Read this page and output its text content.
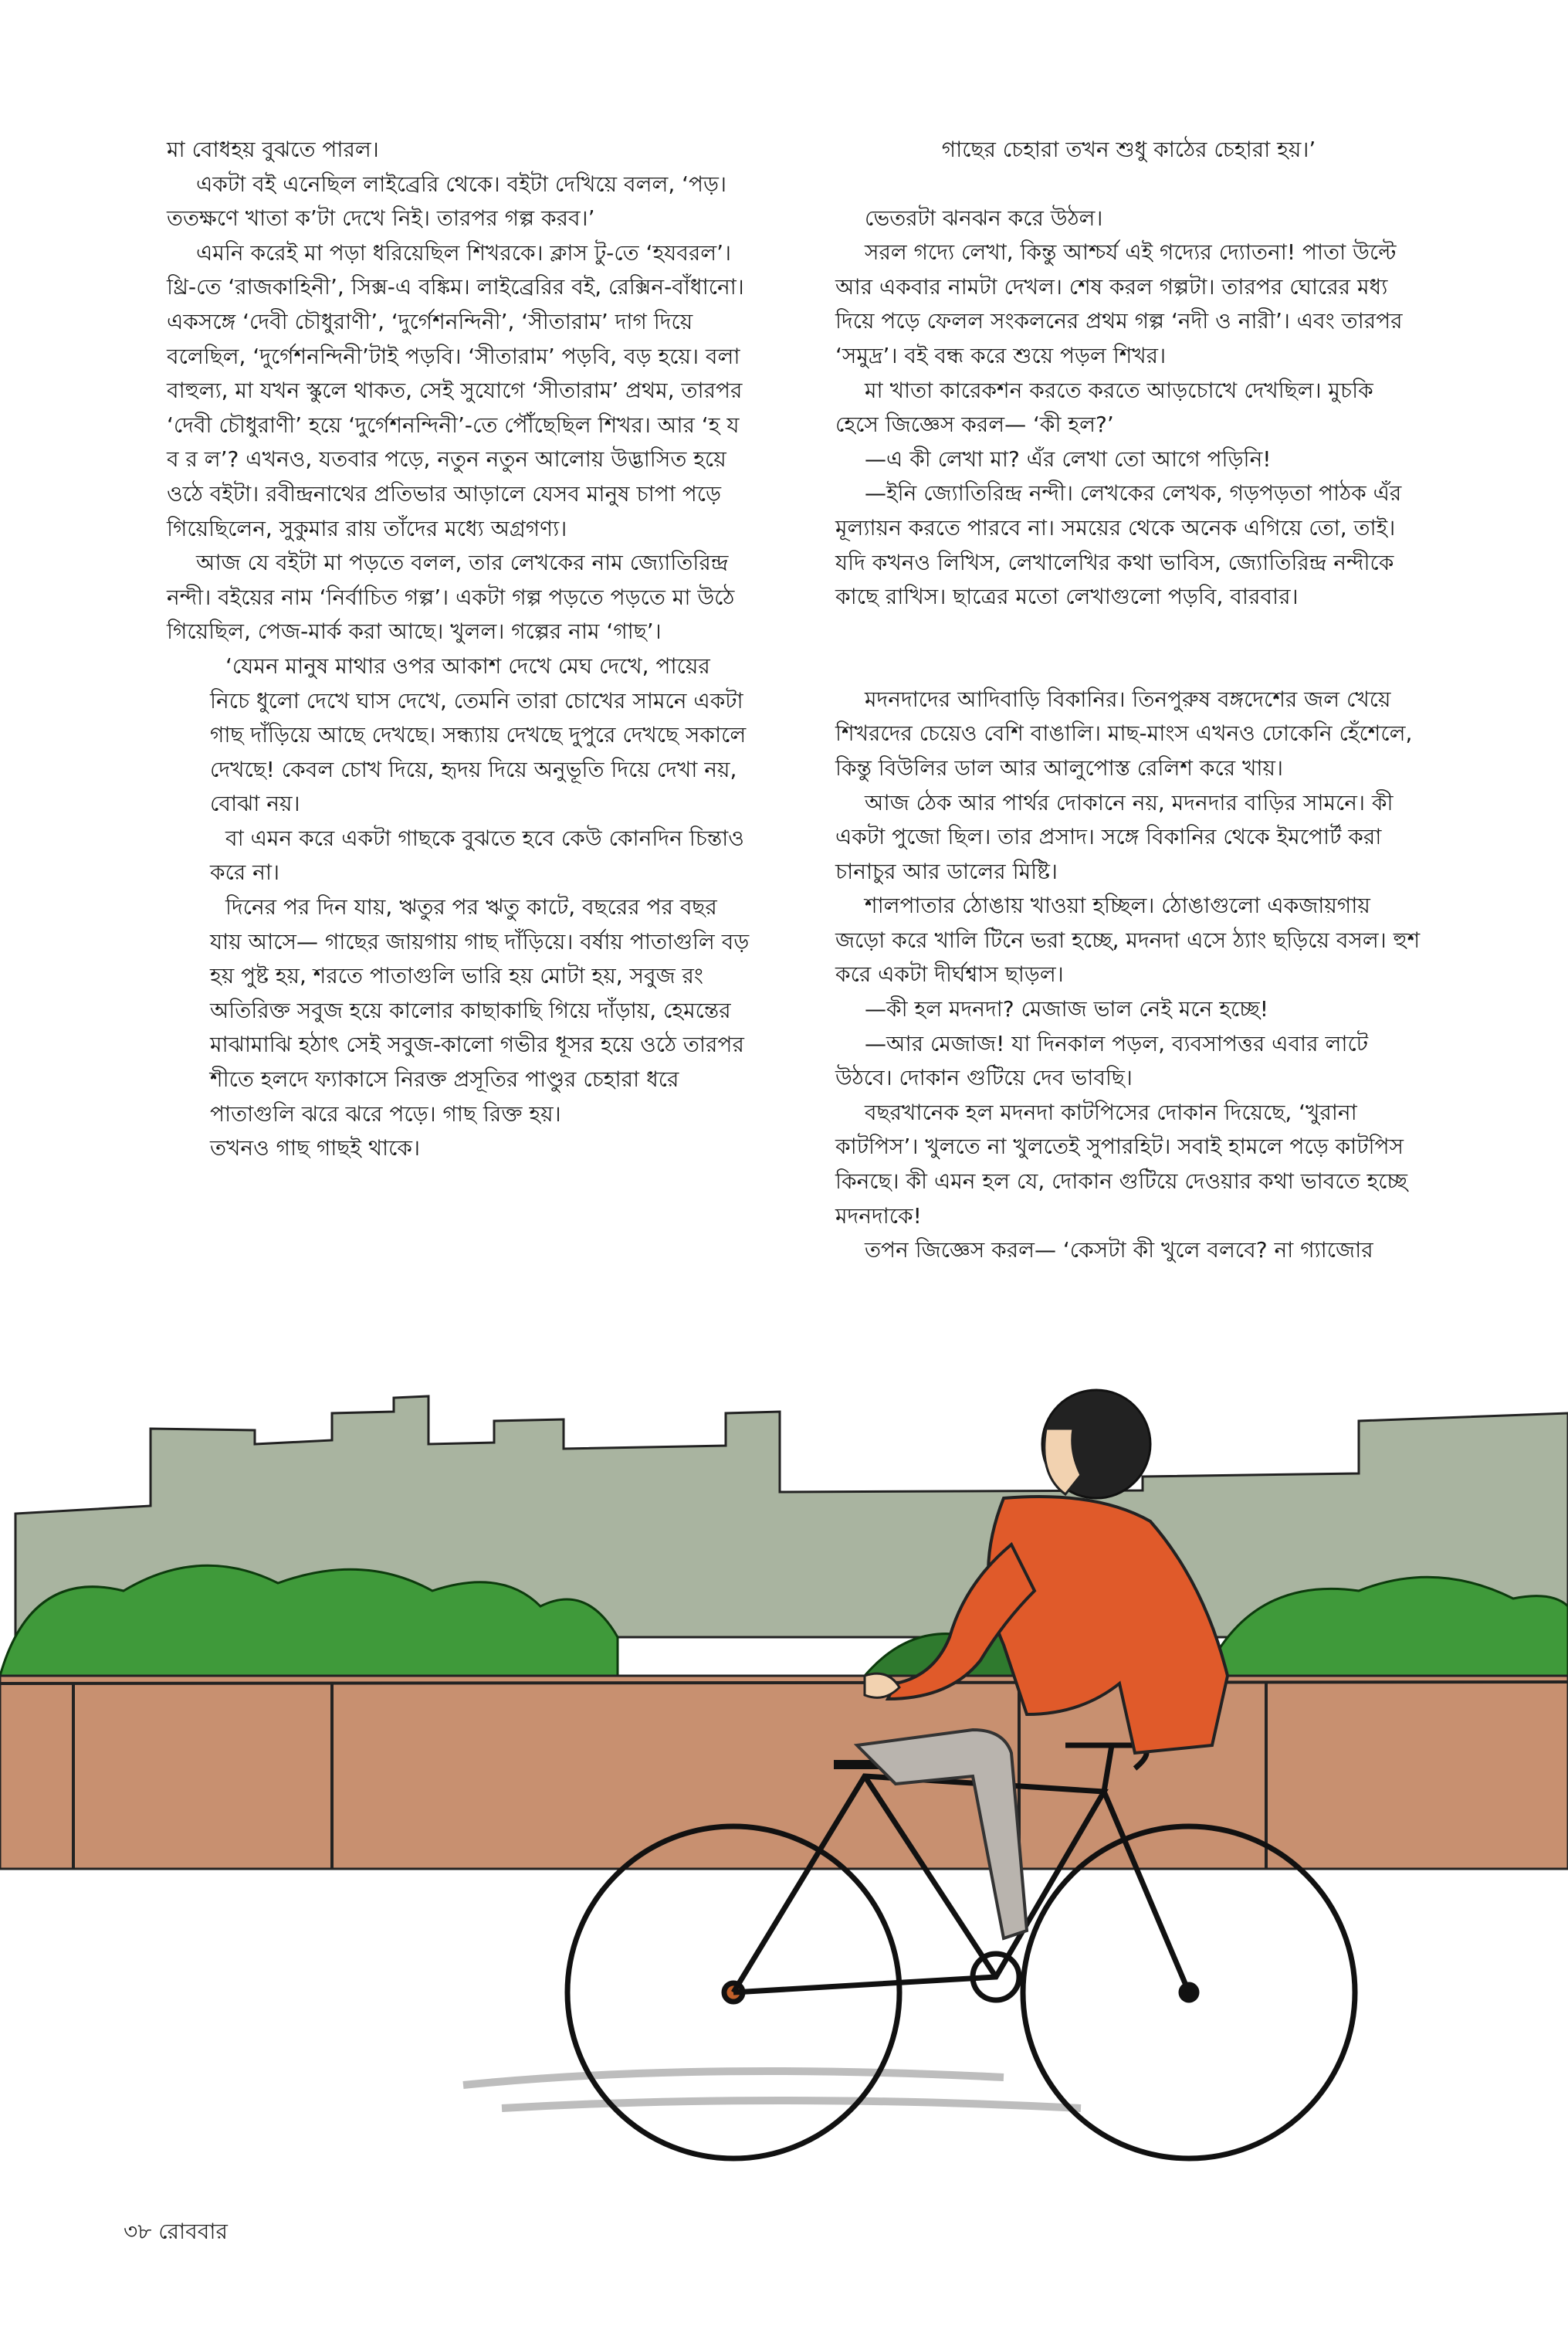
মা বোধহয় বুঝতে পারল।

একটা বই এনেছিল লাইব্রেরি থেকে। বইটা দেখিয়ে বলল, ‘পড়। ততক্ষণে খাতা ক’টা দেখে নিই। তারপর গল্প করব।’

এমনি করেই মা পড়া ধরিয়েছিল শিখরকে। ক্লাস টু-তে ‘হযবরল’। থ্রি-তে ‘রাজকাহিনী’, সিক্স-এ বঙ্কিম। লাইব্রেরির বই, রেক্সিন-বাঁধানো। একসঙ্গে ‘দেবী চৌধুরাণী’, ‘দুর্গেশনন্দিনী’, ‘সীতারাম’ দাগ দিয়ে বলেছিল, ‘দুর্গেশনন্দিনী’টাই পড়বি। ‘সীতারাম’ পড়বি, বড় হয়ে। বলা বাহুল্য, মা যখন স্কুলে থাকত, সেই সুযোগে ‘সীতারাম’ প্রথম, তারপর ‘দেবী চৌধুরাণী’ হয়ে ‘দুর্গেশনন্দিনী’-তে পৌঁছেছিল শিখর। আর ‘হ য ব র ল’? এখনও, যতবার পড়ে, নতুন নতুন আলোয় উদ্ভাসিত হয়ে ওঠে বইটা। রবীন্দ্রনাথের প্রতিভার আড়ালে যেসব মানুষ চাপা পড়ে গিয়েছিলেন, সুকুমার রায় তাঁদের মধ্যে অগ্রগণ্য।

আজ যে বইটা মা পড়তে বলল, তার লেখকের নাম জ্যোতিরিন্দ্র নন্দী। বইয়ের নাম ‘নির্বাচিত গল্প’। একটা গল্প পড়তে পড়তে মা উঠে গিয়েছিল, পেজ-মার্ক করা আছে। খুলল। গল্পের নাম ‘গাছ’।

‘যেমন মানুষ মাথার ওপর আকাশ দেখে মেঘ দেখে, পায়ের নিচে ধুলো দেখে ঘাস দেখে, তেমনি তারা চোখের সামনে একটা গাছ দাঁড়িয়ে আছে দেখছে। সন্ধ্যায় দেখছে দুপুরে দেখছে সকালে দেখছে! কেবল চোখ দিয়ে, হৃদয় দিয়ে অনুভূতি দিয়ে দেখা নয়, বোঝা নয়।

বা এমন করে একটা গাছকে বুঝতে হবে কেউ কোনদিন চিন্তাও করে না।

দিনের পর দিন যায়, ঋতুর পর ঋতু কাটে, বছরের পর বছর যায় আসে— গাছের জায়গায় গাছ দাঁড়িয়ে। বর্ষায় পাতাগুলি বড় হয় পুষ্ট হয়, শরতে পাতাগুলি ভারি হয় মোটা হয়, সবুজ রং অতিরিক্ত সবুজ হয়ে কালোর কাছাকাছি গিয়ে দাঁড়ায়, হেমন্তের মাঝামাঝি হঠাৎ সেই সবুজ-কালো গভীর ধূসর হয়ে ওঠে তারপর শীতে হলদে ফ্যাকাসে নিরক্ত প্রসূতির পাণ্ডুর চেহারা ধরে পাতাগুলি ঝরে ঝরে পড়ে। গাছ রিক্ত হয়।

তখনও গাছ গাছই থাকে।

গাছের চেহারা তখন শুধু কাঠের চেহারা হয়।’

ভেতরটা ঝনঝন করে উঠল।

সরল গদ্যে লেখা, কিন্তু আশ্চর্য এই গদ্যের দ্যোতনা! পাতা উল্টে আর একবার নামটা দেখল। শেষ করল গল্পটা। তারপর ঘোরের মধ্য দিয়ে পড়ে ফেলল সংকলনের প্রথম গল্প ‘নদী ও নারী’। এবং তারপর ‘সমুদ্র’। বই বন্ধ করে শুয়ে পড়ল শিখর।

মা খাতা কারেকশন করতে করতে আড়চোখে দেখছিল। মুচকি হেসে জিজ্ঞেস করল— ‘কী হল?’

—এ কী লেখা মা? এঁর লেখা তো আগে পড়িনি!

—ইনি জ্যোতিরিন্দ্র নন্দী। লেখকের লেখক, গড়পড়তা পাঠক এঁর মূল্যায়ন করতে পারবে না। সময়ের থেকে অনেক এগিয়ে তো, তাই। যদি কখনও লিখিস, লেখালেখির কথা ভাবিস, জ্যোতিরিন্দ্র নন্দীকে কাছে রাখিস। ছাত্রের মতো লেখাগুলো পড়বি, বারবার।

মদনদাদের আদিবাড়ি বিকানির। তিনপুরুষ বঙ্গদেশের জল খেয়ে শিখরদের চেয়েও বেশি বাঙালি। মাছ-মাংস এখনও ঢোকেনি হেঁশেলে, কিন্তু বিউলির ডাল আর আলুপোস্ত রেলিশ করে খায়।

আজ ঠেক আর পার্থর দোকানে নয়, মদনদার বাড়ির সামনে। কী একটা পুজো ছিল। তার প্রসাদ। সঙ্গে বিকানির থেকে ইমপোর্ট করা চানাচুর আর ডালের মিষ্টি।

শালপাতার ঠোঙায় খাওয়া হচ্ছিল। ঠোঙাগুলো একজায়গায় জড়ো করে খালি টিনে ভরা হচ্ছে, মদনদা এসে ঠ্যাং ছড়িয়ে বসল। হুশ করে একটা দীর্ঘশ্বাস ছাড়ল।

—কী হল মদনদা? মেজাজ ভাল নেই মনে হচ্ছে!

—আর মেজাজ! যা দিনকাল পড়ল, ব্যবসাপত্তর এবার লাটে উঠবে। দোকান গুটিয়ে দেব ভাবছি।

বছরখানেক হল মদনদা কাটপিসের দোকান দিয়েছে, ‘খুরানা কাটপিস’। খুলতে না খুলতেই সুপারহিট। সবাই হামলে পড়ে কাটপিস কিনছে। কী এমন হল যে, দোকান গুটিয়ে দেওয়ার কথা ভাবতে হচ্ছে মদনদাকে!

তপন জিজ্ঞেস করল— ‘কেসটা কী খুলে বলবে? না গ্যাজোর

৩৮ রোববার
